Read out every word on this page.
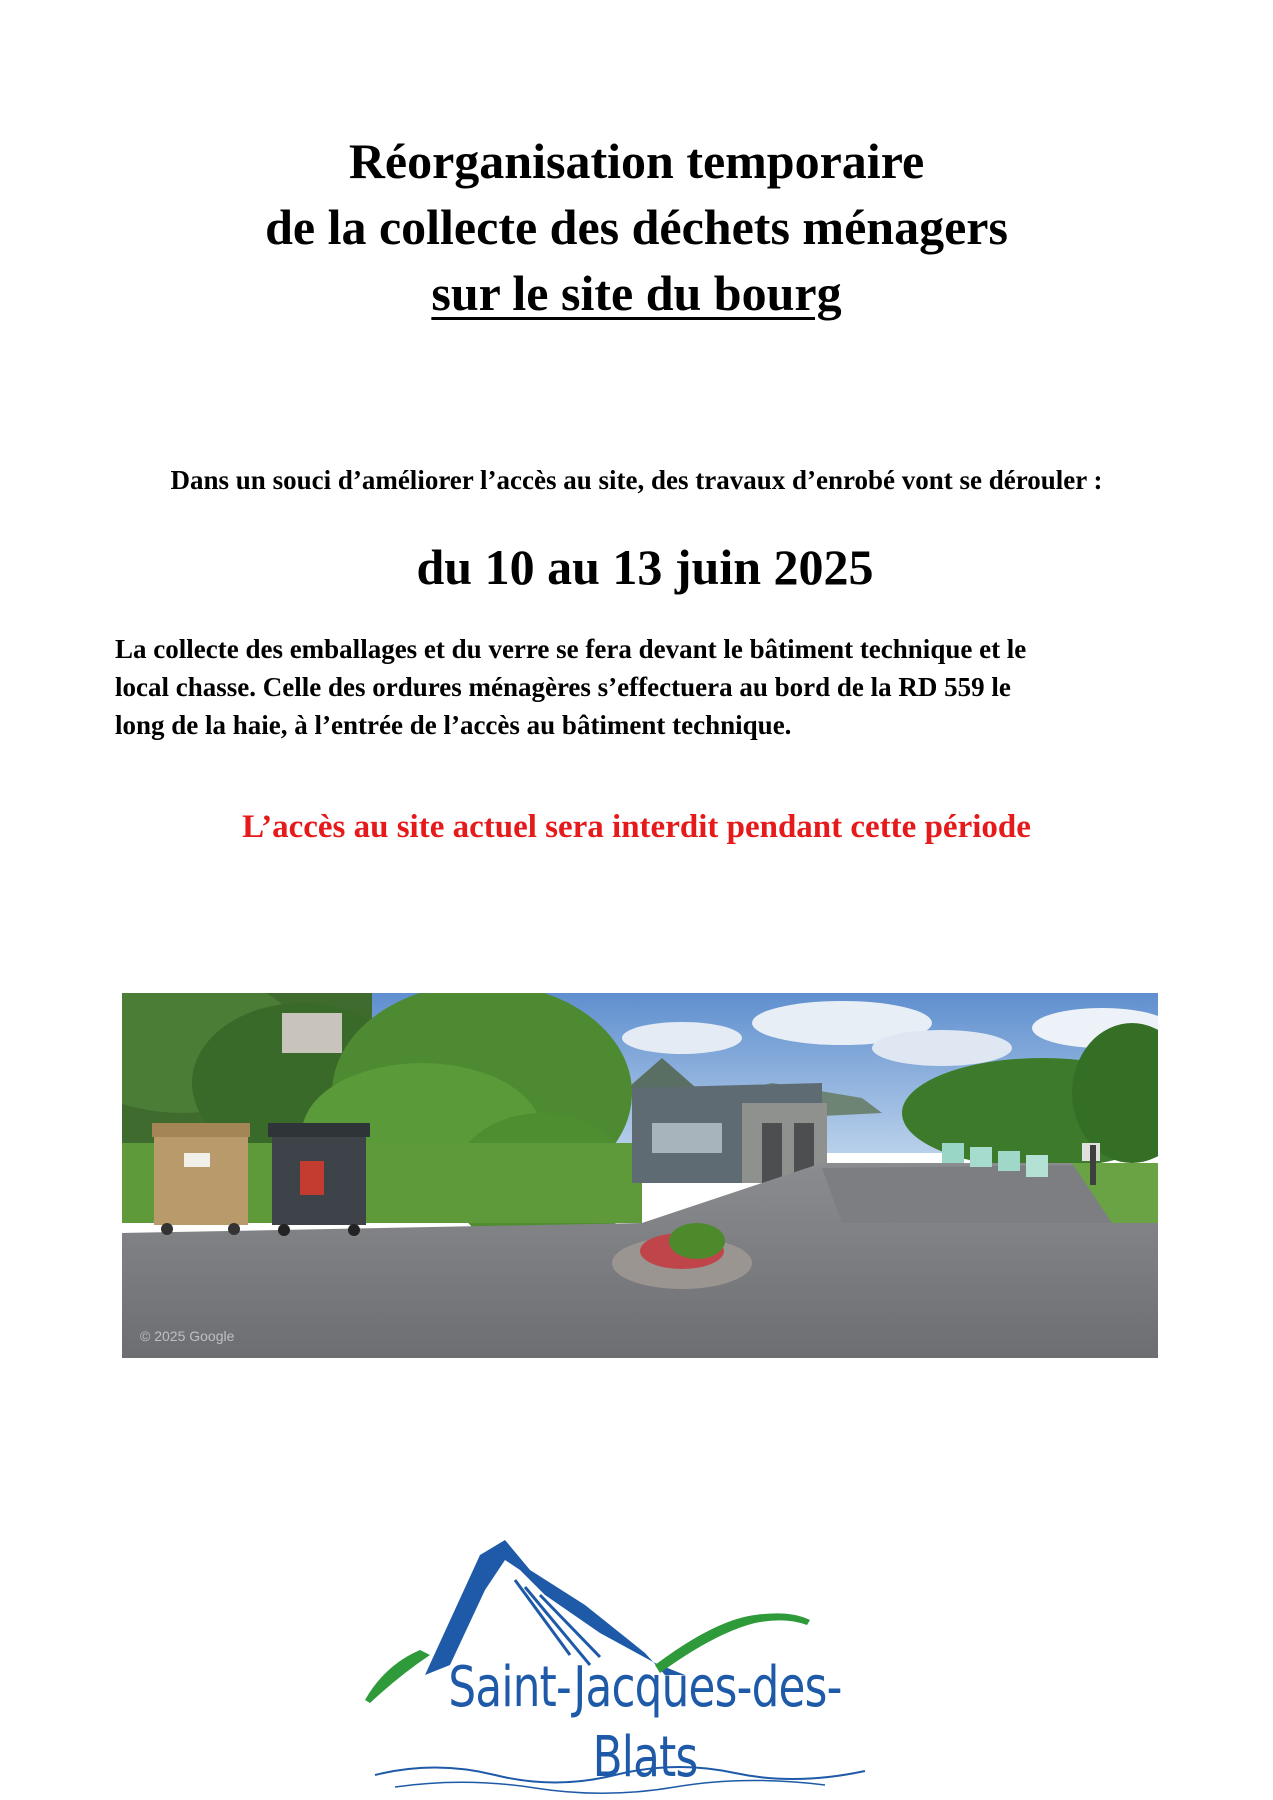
Réorganisation temporaire
de la collecte des déchets ménagers
sur le site du bourg
Dans un souci d’améliorer l’accès au site, des travaux d’enrobé vont se dérouler :
du 10 au 13 juin 2025
La collecte des emballages et du verre se fera devant le bâtiment technique et le
local chasse. Celle des ordures ménagères s’effectuera au bord de la RD 559 le
long de la haie, à l’entrée de l’accès au bâtiment technique.
L’accès au site actuel sera interdit pendant cette période
© 2025 Google
Saint-Jacques-des-Blats
